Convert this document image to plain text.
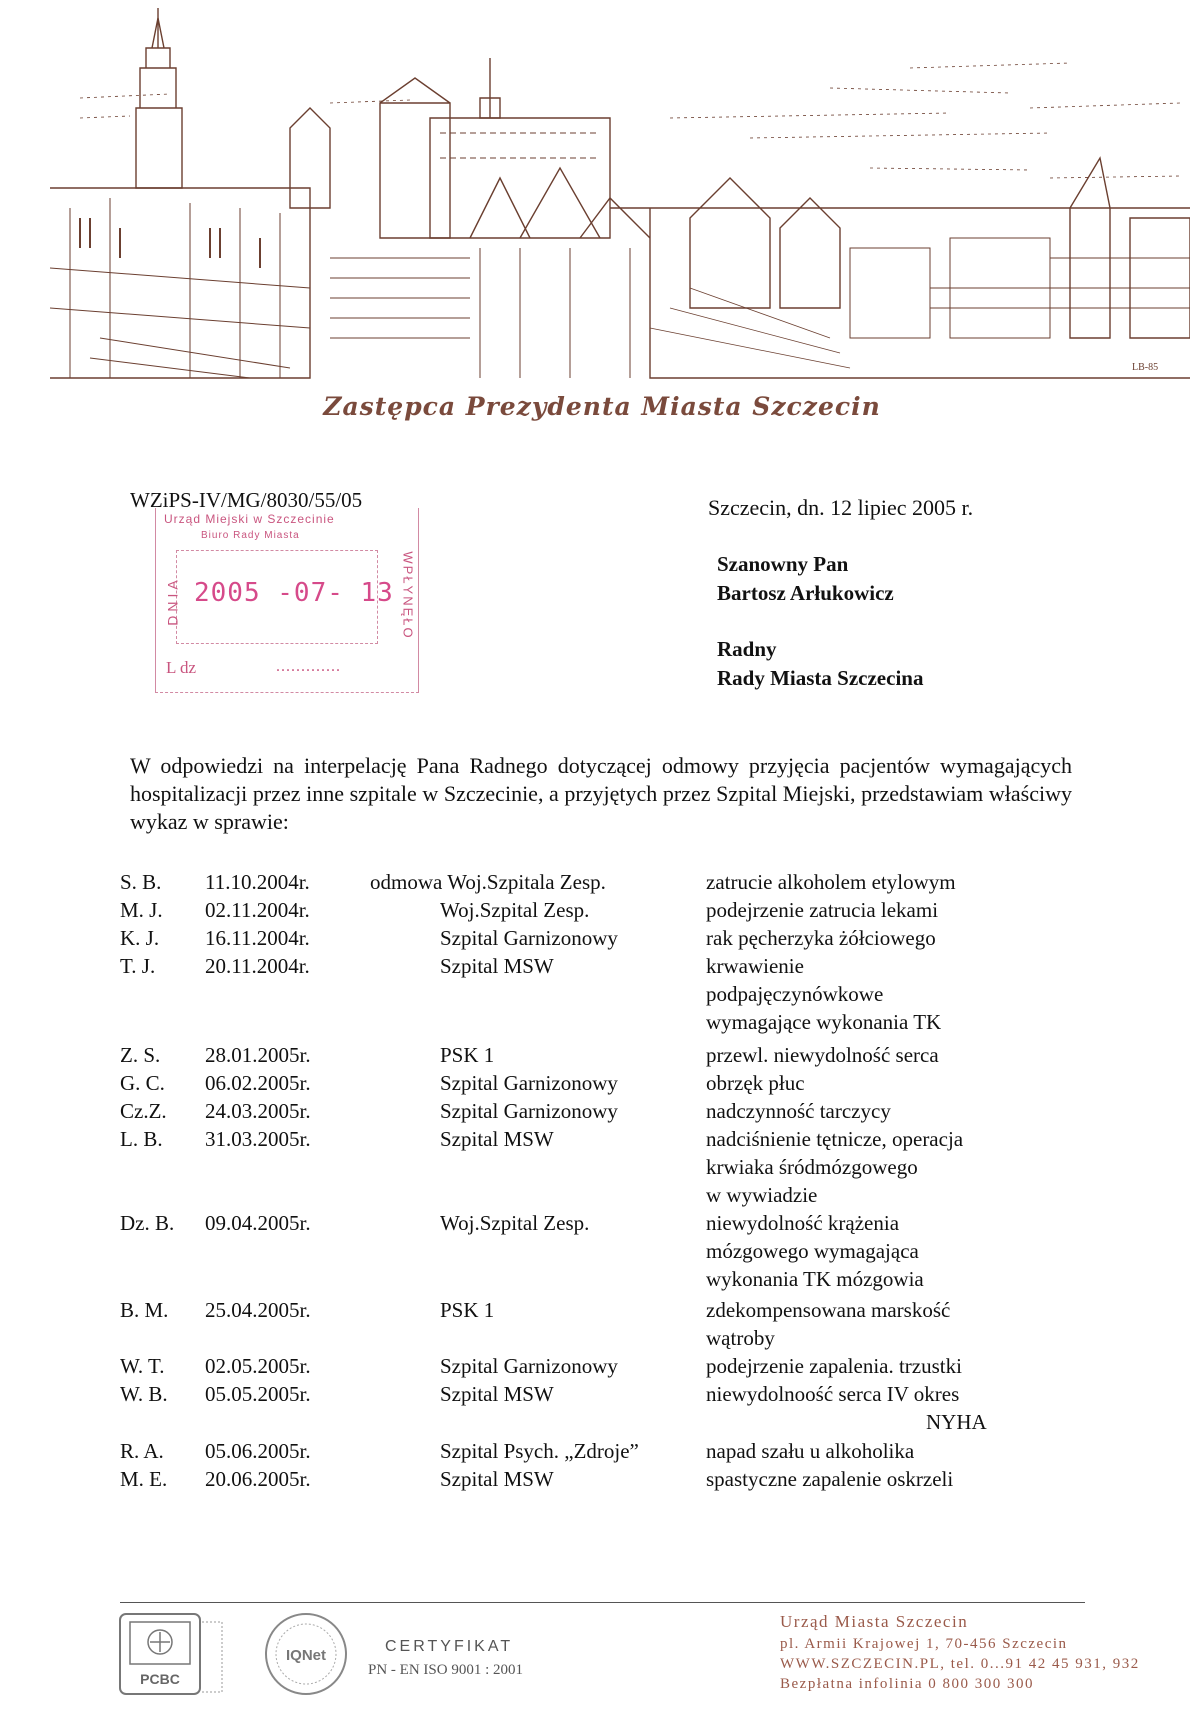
LB-85
Zastępca Prezydenta Miasta Szczecin
WZiPS-IV/MG/8030/55/05	Szczecin, dn. 12 lipiec 2005 r.
Szanowny Pan
Bartosz Arłukowicz
Radny
Rady Miasta Szczecina
Urząd Miejski w Szczecinie
Biuro Rady Miasta
DNIA 2005 -07- 13 WPŁYNĘŁO
L dz	.............
W odpowiedzi na interpelację Pana Radnego dotyczącej odmowy przyjęcia pacjentów wymagających hospitalizacji przez inne szpitale w Szczecinie, a przyjętych przez Szpital Miejski, przedstawiam właściwy wykaz w sprawie:
S. B.	11.10.2004r.	odmowa Woj.Szpitala Zesp.	zatrucie alkoholem etylowym
M. J.	02.11.2004r.	Woj.Szpital Zesp.	podejrzenie zatrucia lekami
K. J.	16.11.2004r.	Szpital Garnizonowy	rak pęcherzyka żółciowego
T. J.	20.11.2004r.	Szpital MSW	krwawienie
podpajęczynówkowe
wymagające wykonania TK
Z. S.	28.01.2005r.	PSK 1	przewl. niewydolność serca
G. C.	06.02.2005r.	Szpital Garnizonowy	obrzęk płuc
Cz.Z.	24.03.2005r.	Szpital Garnizonowy	nadczynność tarczycy
L. B.	31.03.2005r.	Szpital MSW	nadciśnienie tętnicze, operacja
krwiaka śródmózgowego
w wywiadzie
Dz. B.	09.04.2005r.	Woj.Szpital Zesp.	niewydolność krążenia
mózgowego wymagająca
wykonania TK mózgowia
B. M.	25.04.2005r.	PSK 1	zdekompensowana marskość
wątroby
W. T.	02.05.2005r.	Szpital Garnizonowy	podejrzenie zapalenia. trzustki
W. B.	05.05.2005r.	Szpital MSW	niewydolnoość serca IV okres
NYHA
R. A.	05.06.2005r.	Szpital Psych. „Zdroje”	napad szału u alkoholika
M. E.	20.06.2005r.	Szpital MSW	spastyczne zapalenie oskrzeli
PCBC
IQNet
CERTYFIKAT
PN - EN ISO 9001 : 2001
Urząd Miasta Szczecin
pl. Armii Krajowej 1, 70-456 Szczecin
WWW.SZCZECIN.PL, tel. 0...91 42 45 931, 932
Bezpłatna infolinia 0 800 300 300
